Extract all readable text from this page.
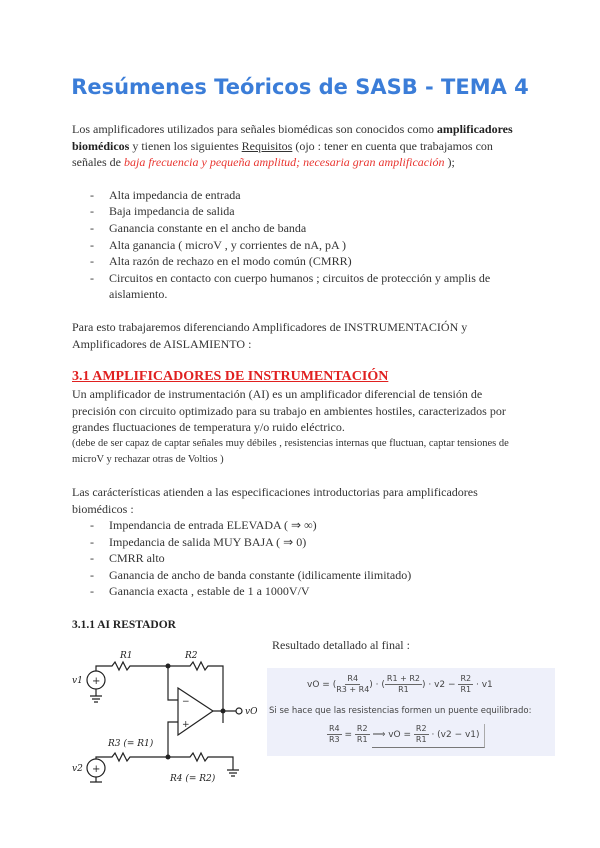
Resúmenes Teóricos de SASB - TEMA 4

Los amplificadores utilizados para señales biomédicas son conocidos como amplificadores biomédicos y tienen los siguientes Requisitos (ojo : tener en cuenta que trabajamos con señales de baja frecuencia y pequeña amplitud; necesaria gran amplificación );

- Alta impedancia de entrada
- Baja impedancia de salida
- Ganancia constante en el ancho de banda
- Alta ganancia ( microV , y corrientes de nA, pA )
- Alta razón de rechazo en el modo común (CMRR)
- Circuitos en contacto con cuerpo humanos ; circuitos de protección y amplis de aislamiento.

Para esto trabajaremos diferenciando Amplificadores de INSTRUMENTACIÓN y Amplificadores de AISLAMIENTO :

3.1 AMPLIFICADORES DE INSTRUMENTACIÓN

Un amplificador de instrumentación (AI) es un amplificador diferencial de tensión de precisión con circuito optimizado para su trabajo en ambientes hostiles, caracterizados por grandes fluctuaciones de temperatura y/o ruido eléctrico.

(debe de ser capaz de captar señales muy débiles , resistencias internas que fluctuan, captar tensiones de microV y rechazar otras de Voltios )

Las carácterísticas atienden a las especificaciones introductorias para amplificadores biomédicos :

- Impendancia de entrada ELEVADA ( ⇒ ∞)
- Impedancia de salida MUY BAJA ( ⇒ 0)
- CMRR alto
- Ganancia de ancho de banda constante (idilicamente ilimitado)
- Ganancia exacta , estable de 1 a 1000V/V

3.1.1 AI RESTADOR

+
+
−
+
R1	R2
R3 (= R1)
R4 (= R2)
v1
v2
vO
Resultado detallado al final :
vO = ( $\frac{R4}{R3 + R4}$ ) · ( $\frac{R1 + R2}{R1}$ ) · $v2 - \frac{R2}{R1} \cdot v1$
Si se hace que las resistencias formen un puente equilibrado:
$\frac{R4}{R3} = \frac{R2}{R1}$ ⟹ vO = $\frac{R2}{R1} \cdot (v2 - v1)$
